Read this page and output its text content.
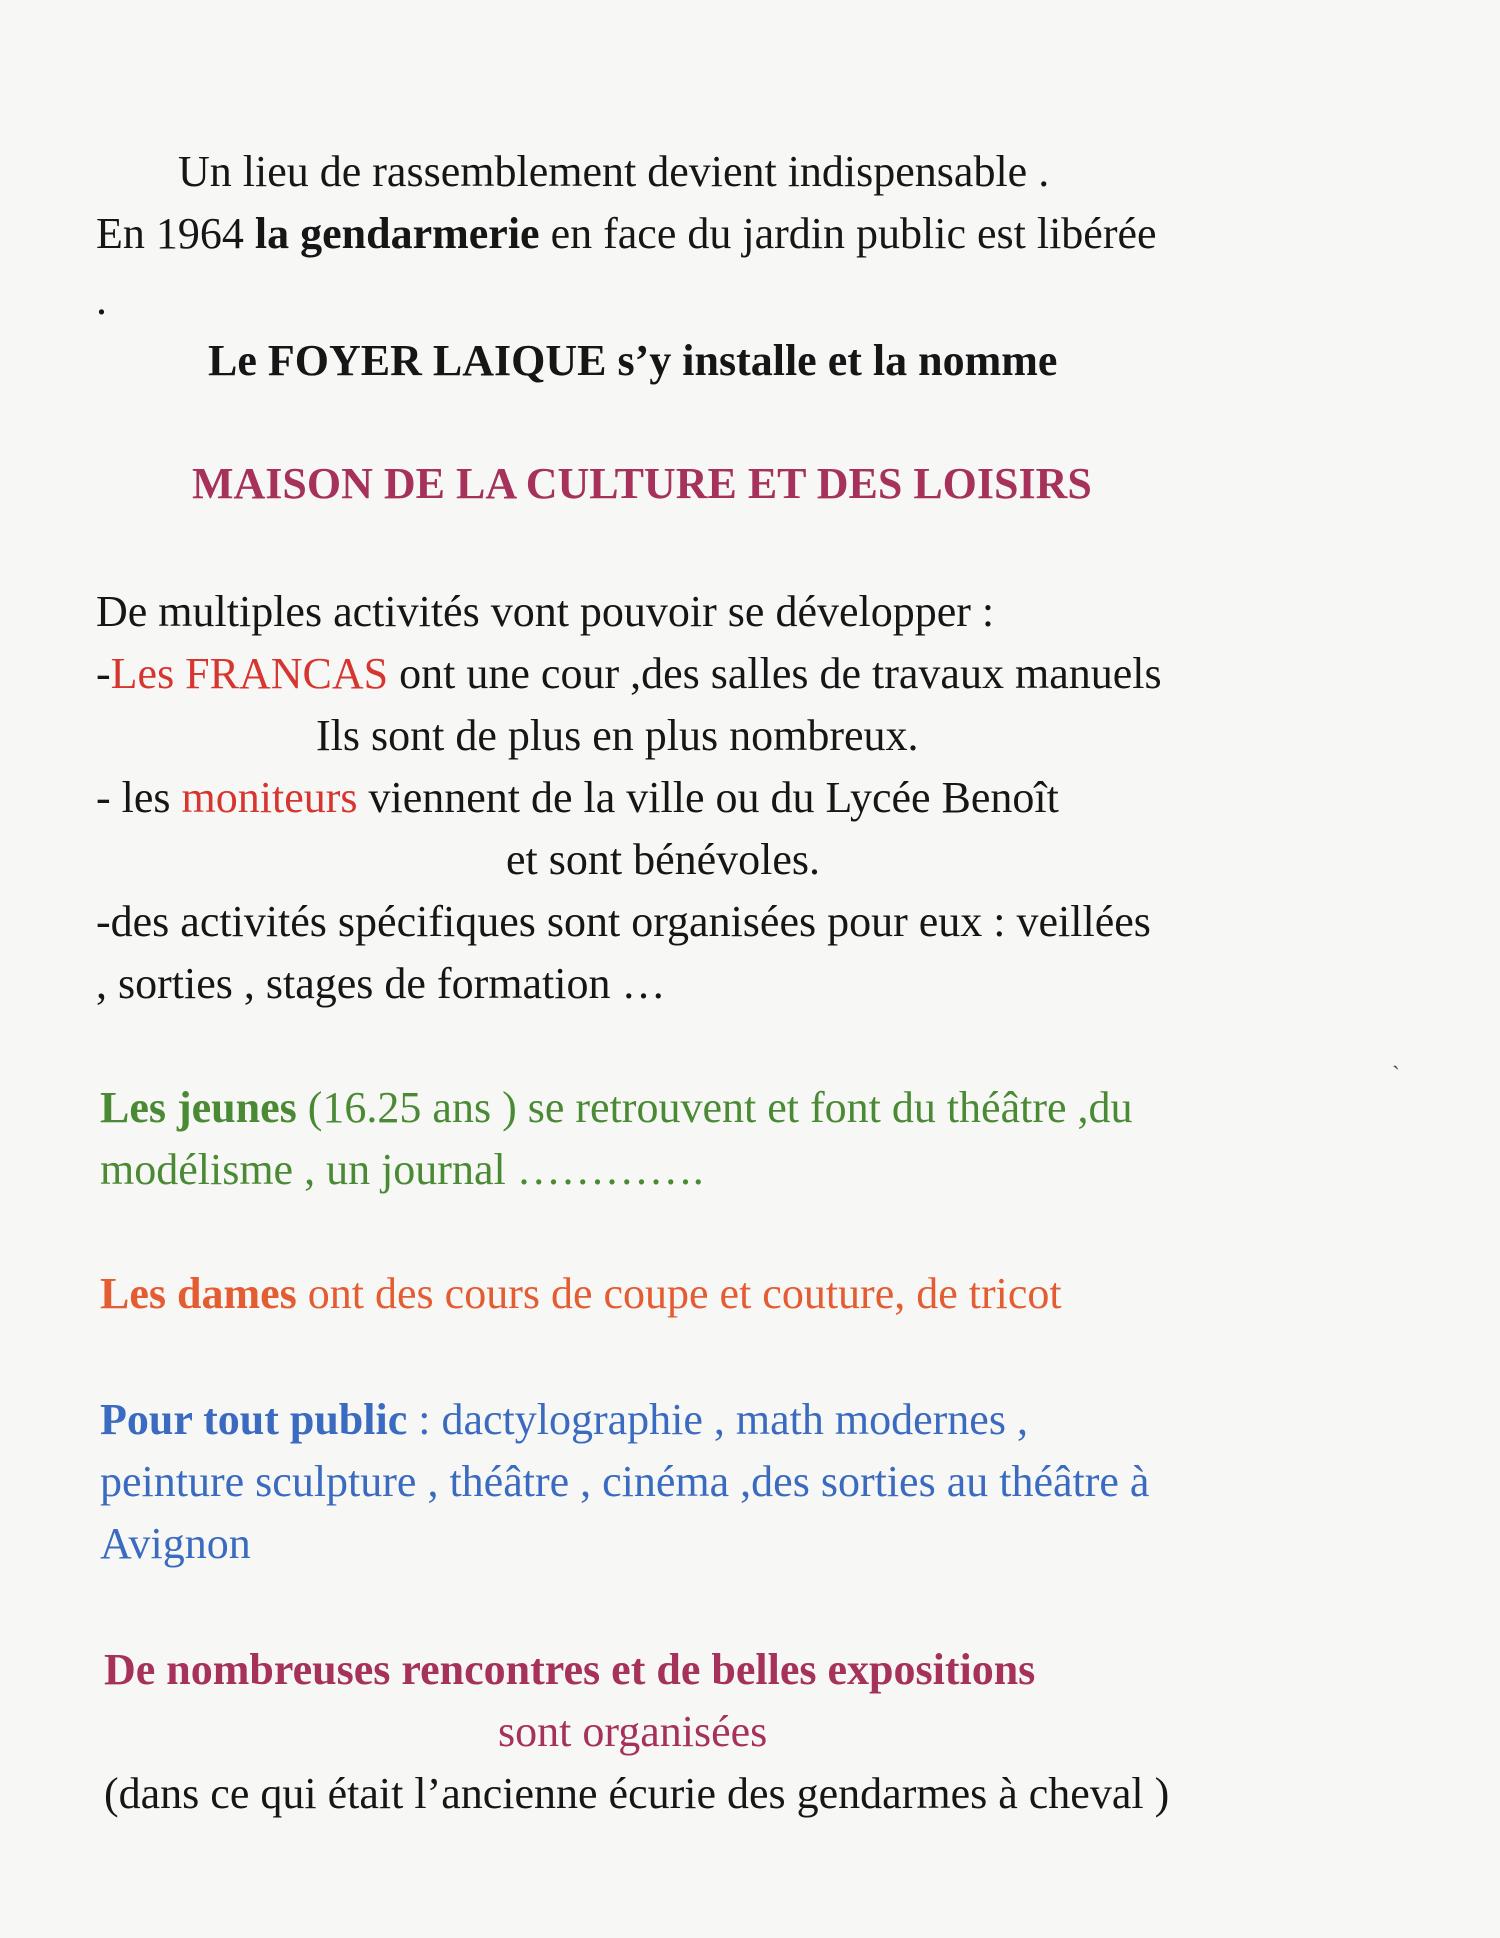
Un lieu de rassemblement devient indispensable .
En 1964 la gendarmerie en face du jardin public est libérée
.
Le FOYER LAIQUE s’y installe et la nomme
MAISON DE LA CULTURE ET DES LOISIRS
De multiples activités vont pouvoir se développer :
-Les FRANCAS ont une cour ,des salles de travaux manuels
Ils sont de plus en plus nombreux.
- les moniteurs viennent de la ville ou du Lycée Benoît
et sont bénévoles.
-des activités spécifiques sont organisées pour eux : veillées
, sorties , stages de formation …
Les jeunes (16.25 ans ) se retrouvent et font du théâtre ,du
modélisme , un journal ………….
Les dames ont des cours de coupe et couture, de tricot
Pour tout public : dactylographie , math modernes ,
peinture sculpture , théâtre , cinéma ,des sorties au théâtre à
Avignon
De nombreuses rencontres et de belles expositions
sont organisées
(dans ce qui était l’ancienne écurie des gendarmes à cheval )
ˋ
